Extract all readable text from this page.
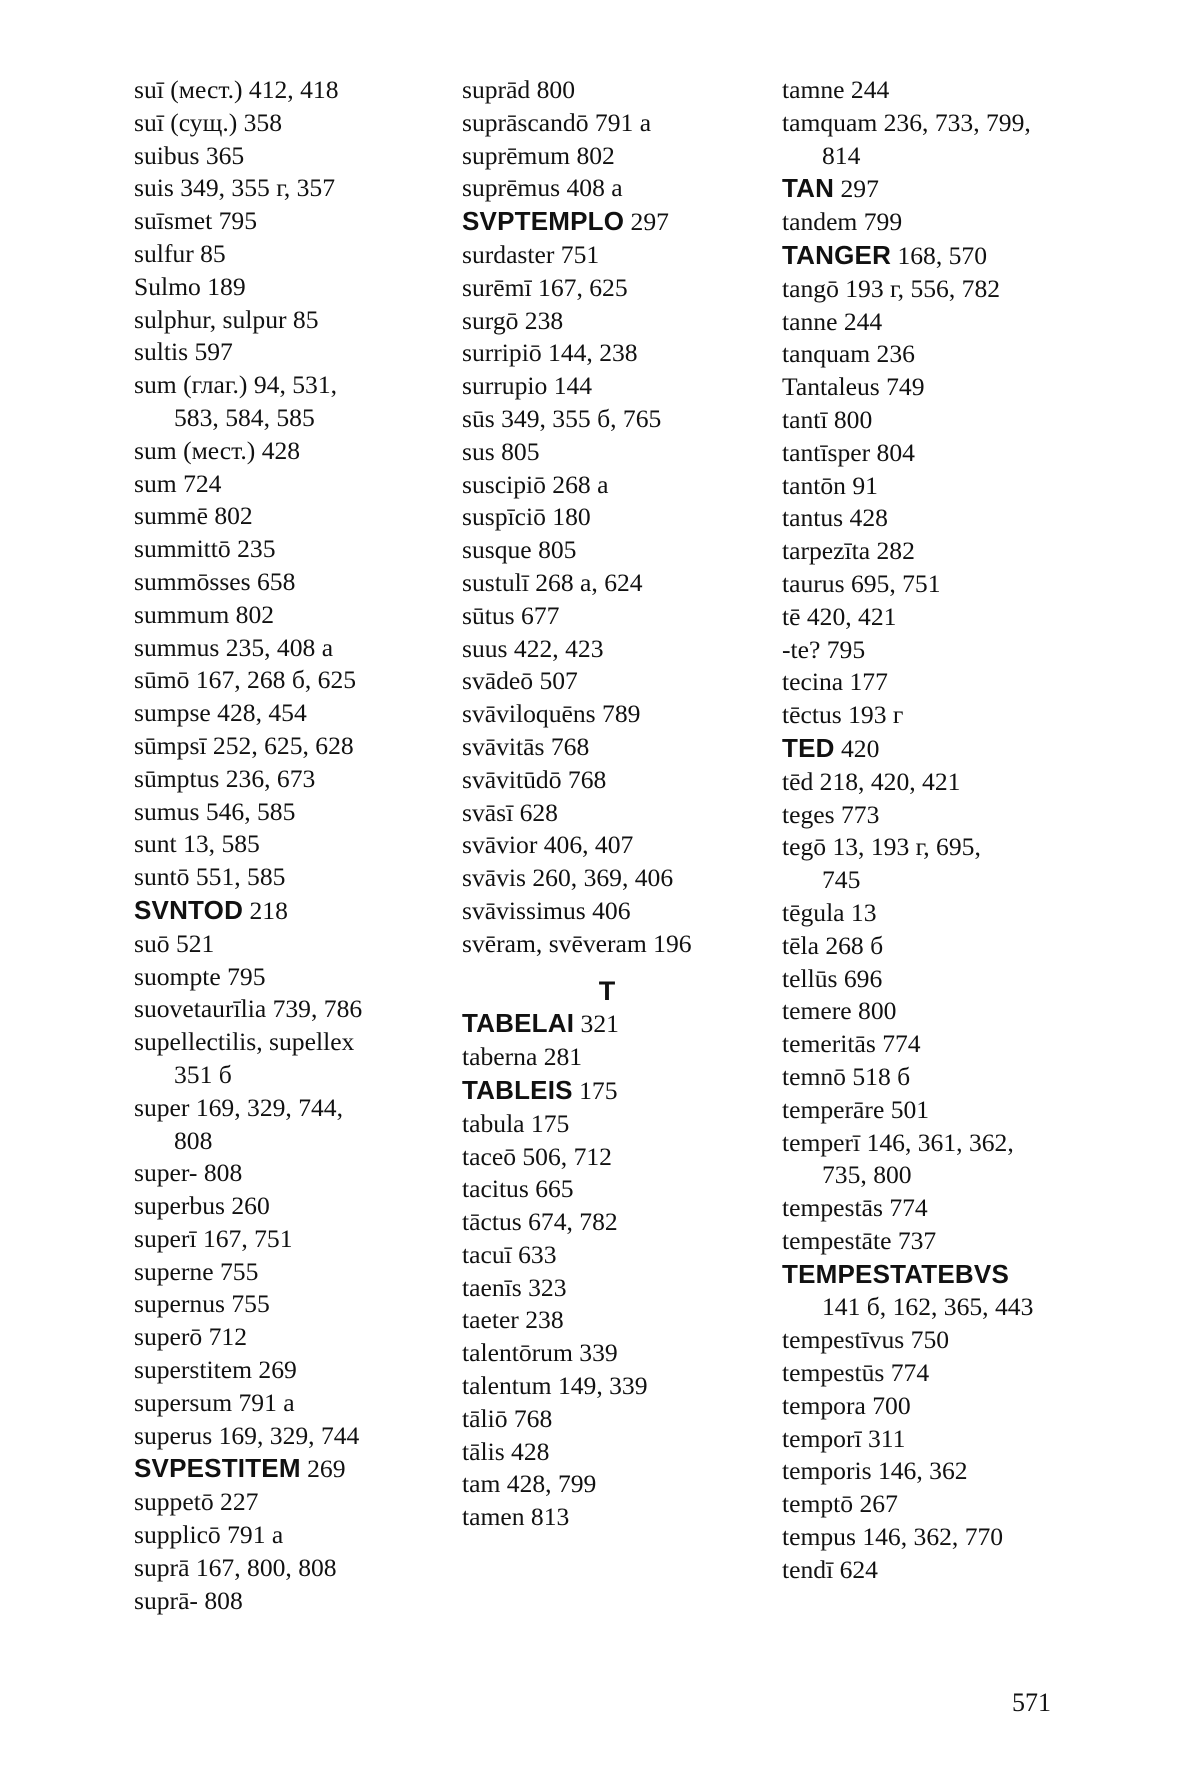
suī (мест.) 412, 418
suī (сущ.) 358
suibus 365
suis 349, 355 г, 357
suīsmet 795
sulfur 85
Sulmo 189
sulphur, sulpur 85
sultis 597
sum (глаг.) 94, 531,
583, 584, 585
sum (мест.) 428
sum 724
summē 802
summittō 235
summōsses 658
summum 802
summus 235, 408 а
sūmō 167, 268 б, 625
sumpse 428, 454
sūmpsī 252, 625, 628
sūmptus 236, 673
sumus 546, 585
sunt 13, 585
suntō 551, 585
SVNTOD 218
suō 521
suompte 795
suovetaurīlia 739, 786
supellectilis, supellex
351 б
super 169, 329, 744,
808
super- 808
superbus 260
superī 167, 751
superne 755
supernus 755
superō 712
superstitem 269
supersum 791 а
superus 169, 329, 744
SVPESTITEM 269
suppetō 227
supplicō 791 а
suprā 167, 800, 808
suprā- 808
suprād 800
suprāscandō 791 а
suprēmum 802
suprēmus 408 а
SVPTEMPLO 297
surdaster 751
surēmī 167, 625
surgō 238
surripiō 144, 238
surrupio 144
sūs 349, 355 б, 765
sus 805
suscipiō 268 а
suspīciō 180
susque 805
sustulī 268 а, 624
sūtus 677
suus 422, 423
svādeō 507
svāviloquēns 789
svāvitās 768
svāvitūdō 768
svāsī 628
svāvior 406, 407
svāvis 260, 369, 406
svāvissimus 406
svēram, svēveram 196
T
TABELAI 321
taberna 281
TABLEIS 175
tabula 175
taceō 506, 712
tacitus 665
tāctus 674, 782
tacuī 633
taenīs 323
taeter 238
talentōrum 339
talentum 149, 339
tāliō 768
tālis 428
tam 428, 799
tamen 813
tamne 244
tamquam 236, 733, 799,
814
TAN 297
tandem 799
TANGER 168, 570
tangō 193 г, 556, 782
tanne 244
tanquam 236
Tantaleus 749
tantī 800
tantīsper 804
tantōn 91
tantus 428
tarpezīta 282
taurus 695, 751
tē 420, 421
-te? 795
tecina 177
tēctus 193 г
TED 420
tēd 218, 420, 421
teges 773
tegō 13, 193 г, 695,
745
tēgula 13
tēla 268 б
tellūs 696
temere 800
temeritās 774
temnō 518 б
temperāre 501
temperī 146, 361, 362,
735, 800
tempestās 774
tempestāte 737
TEMPESTATEBVS
141 б, 162, 365, 443
tempestīvus 750
tempestūs 774
tempora 700
temporī 311
temporis 146, 362
temptō 267
tempus 146, 362, 770
tendī 624
571
